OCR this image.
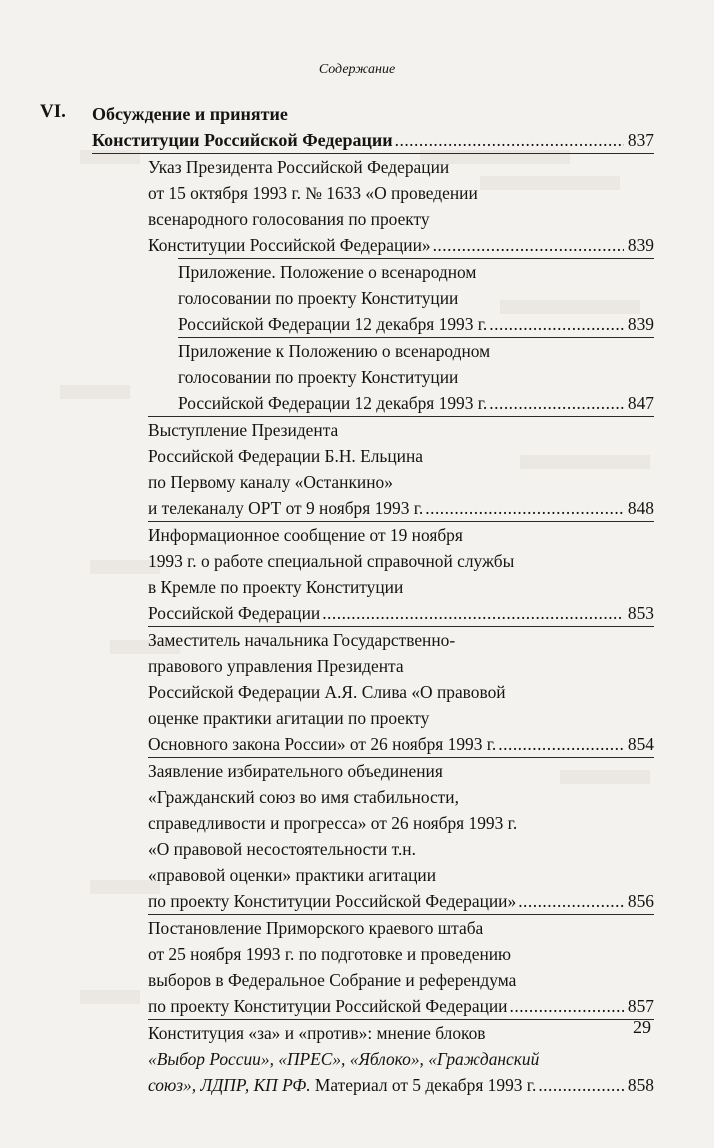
Содержание
VI. Обсуждение и принятие
Конституции Российской Федерации .....	837
Указ Президента Российской Федерации
от 15 октября 1993 г. № 1633 «О проведении
всенародного голосования по проекту
Конституции Российской Федерации» .....	839
Приложение. Положение о всенародном
голосовании по проекту Конституции
Российской Федерации 12 декабря 1993 г. .....	839
Приложение к Положению о всенародном
голосовании по проекту Конституции
Российской Федерации 12 декабря 1993 г. .....	847
Выступление Президента
Российской Федерации Б.Н. Ельцина
по Первому каналу «Останкино»
и телеканалу ОРТ от 9 ноября 1993 г. .....	848
Информационное сообщение от 19 ноября
1993 г. о работе специальной справочной службы
в Кремле по проекту Конституции
Российской Федерации .....	853
Заместитель начальника Государственно-
правового управления Президента
Российской Федерации А.Я. Слива «О правовой
оценке практики агитации по проекту
Основного закона России» от 26 ноября 1993 г. .....	854
Заявление избирательного объединения
«Гражданский союз во имя стабильности,
справедливости и прогресса» от 26 ноября 1993 г.
«О правовой несостоятельности т.н.
«правовой оценки» практики агитации
по проекту Конституции Российской Федерации» .....	856
Постановление Приморского краевого штаба
от 25 ноября 1993 г. по подготовке и проведению
выборов в Федеральное Собрание и референдума
по проекту Конституции Российской Федерации .....	857
Конституция «за» и «против»: мнение блоков
«Выбор России», «ПРЕС», «Яблоко», «Гражданский
союз», ЛДПР, КП РФ. Материал от 5 декабря 1993 г. .....	858
29
